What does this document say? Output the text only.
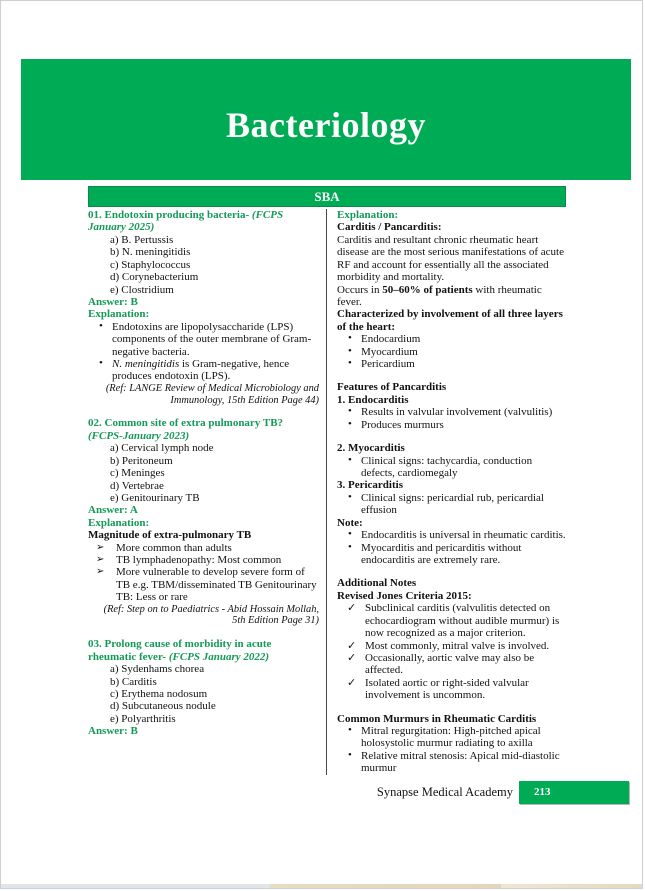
Bacteriology
SBA

01. Endotoxin producing bacteria- (FCPS January 2025)

a) B. Pertussis
b) N. meningitidis
c) Staphylococcus
d) Corynebacterium
e) Clostridium

Answer: B

Explanation:

• Endotoxins are lipopolysaccharide (LPS) components of the outer membrane of Gram-negative bacteria.
• N. meningitidis is Gram-negative, hence produces endotoxin (LPS).

(Ref: LANGE Review of Medical Microbiology and Immunology, 15th Edition Page 44)

02. Common site of extra pulmonary TB? (FCPS-January 2023)

a) Cervical lymph node
b) Peritoneum
c) Meninges
d) Vertebrae
e) Genitourinary TB

Answer: A

Explanation:

Magnitude of extra-pulmonary TB

➢ More common than adults
➢ TB lymphadenopathy: Most common
➢ More vulnerable to develop severe form of TB e.g. TBM/disseminated TB Genitourinary TB: Less or rare

(Ref: Step on to Paediatrics - Abid Hossain Mollah, 5th Edition Page 31)

03. Prolong cause of morbidity in acute rheumatic fever- (FCPS January 2022)

a) Sydenhams chorea
b) Carditis
c) Erythema nodosum
d) Subcutaneous nodule
e) Polyarthritis

Answer: B

Explanation:

Carditis / Pancarditis:

Carditis and resultant chronic rheumatic heart disease are the most serious manifestations of acute RF and account for essentially all the associated morbidity and mortality.

Occurs in 50–60% of patients with rheumatic fever.

Characterized by involvement of all three layers of the heart:

• Endocardium
• Myocardium
• Pericardium

Features of Pancarditis

1. Endocarditis

• Results in valvular involvement (valvulitis)
• Produces murmurs

2. Myocarditis

• Clinical signs: tachycardia, conduction defects, cardiomegaly

3. Pericarditis

• Clinical signs: pericardial rub, pericardial effusion

Note:

• Endocarditis is universal in rheumatic carditis.
• Myocarditis and pericarditis without endocarditis are extremely rare.

Additional Notes

Revised Jones Criteria 2015:

✓ Subclinical carditis (valvulitis detected on echocardiogram without audible murmur) is now recognized as a major criterion.
✓ Most commonly, mitral valve is involved.
✓ Occasionally, aortic valve may also be affected.
✓ Isolated aortic or right-sided valvular involvement is uncommon.

Common Murmurs in Rheumatic Carditis

• Mitral regurgitation: High-pitched apical holosystolic murmur radiating to axilla
• Relative mitral stenosis: Apical mid-diastolic murmur
Synapse Medical Academy	213
